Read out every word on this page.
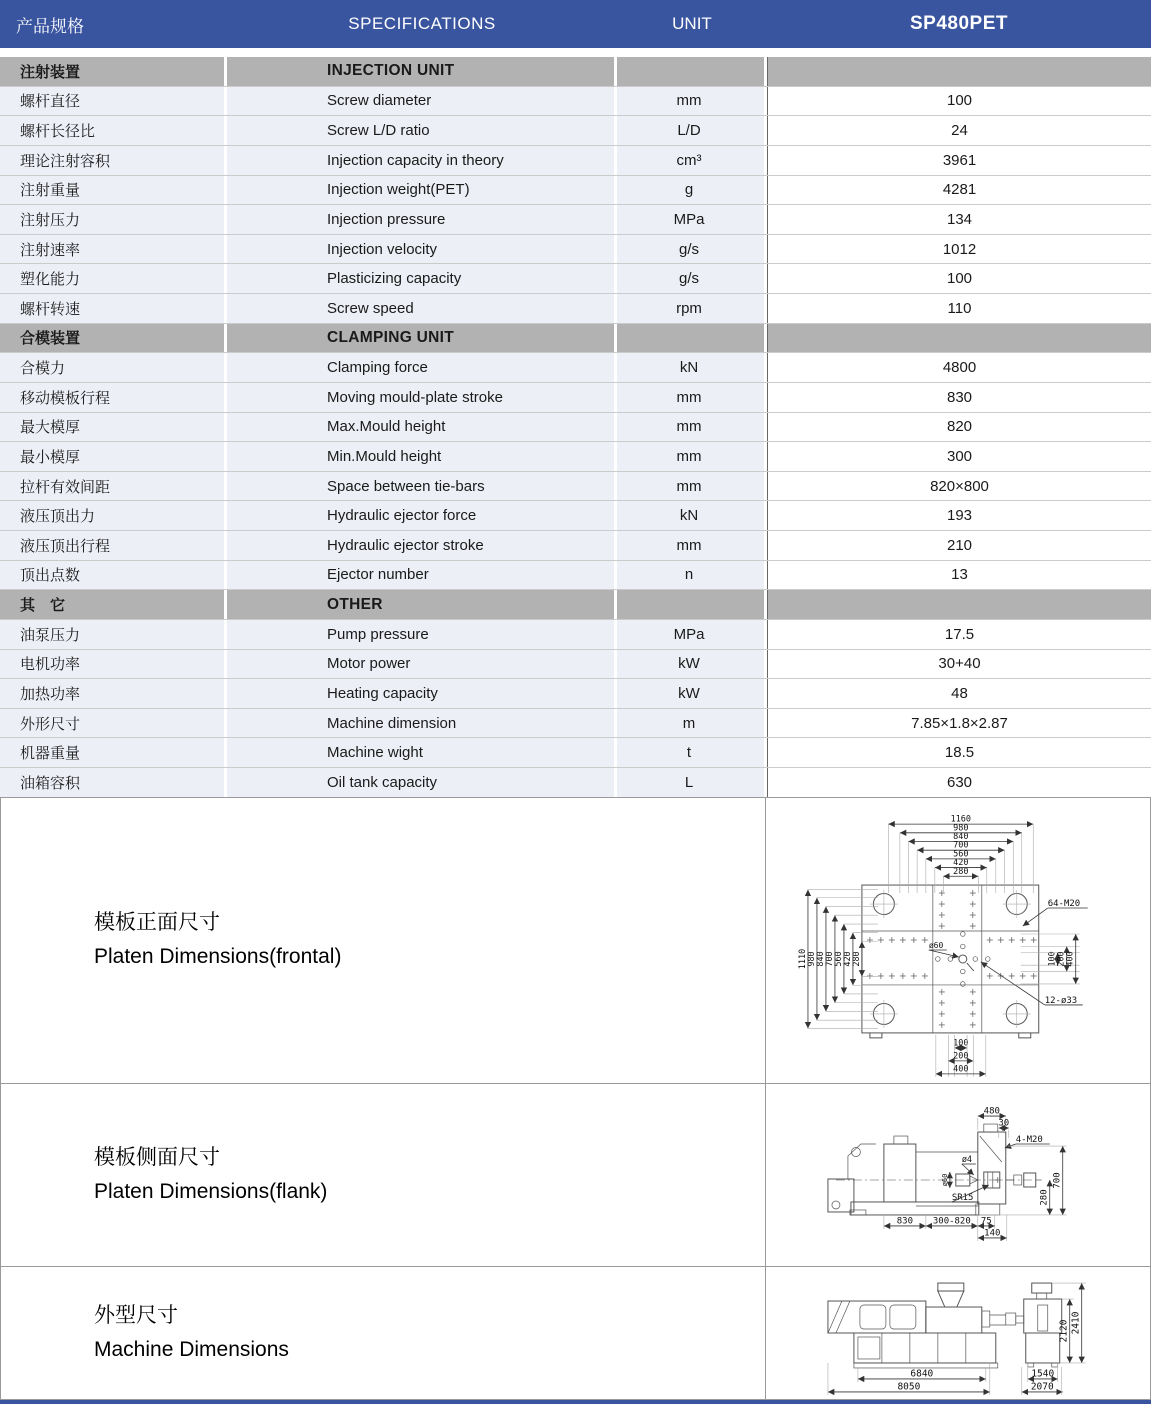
产品规格	SPECIFICATIONS	UNIT	SP480PET
注射装置	INJECTION UNIT
螺杆直径	Screw diameter	mm	100
螺杆长径比	Screw L/D ratio	L/D	24
理论注射容积	Injection capacity in theory	cm³	3961
注射重量	Injection weight(PET)	g	4281
注射压力	Injection pressure	MPa	134
注射速率	Injection velocity	g/s	1012
塑化能力	Plasticizing capacity	g/s	100
螺杆转速	Screw speed	rpm	110
合模装置	CLAMPING UNIT
合模力	Clamping force	kN	4800
移动模板行程	Moving mould-plate stroke	mm	830
最大模厚	Max.Mould height	mm	820
最小模厚	Min.Mould height	mm	300
拉杆有效间距	Space between tie-bars	mm	820×800
液压顶出力	Hydraulic ejector force	kN	193
液压顶出行程	Hydraulic ejector stroke	mm	210
顶出点数	Ejector number	n	13
其　它	OTHER
油泵压力	Pump pressure	MPa	17.5
电机功率	Motor power	kW	30+40
加热功率	Heating capacity	kW	48
外形尺寸	Machine dimension	m	7.85×1.8×2.87
机器重量	Machine wight	t	18.5
油箱容积	Oil tank capacity	L	630
模板正面尺寸
Platen Dimensions(frontal)
1160
980
840
700
560
420
280
1110
980
840
700
560
420
280	100
200
400
100
200
400
64-M20
12-ø33
ø60
模板侧面尺寸
Platen Dimensions(flank)
480
30
4-M20
ø4
SR15
ø60
280
700
830 300-820 75
140
外型尺寸
Machine Dimensions
6840
8050
1540
2070
2120 2410
